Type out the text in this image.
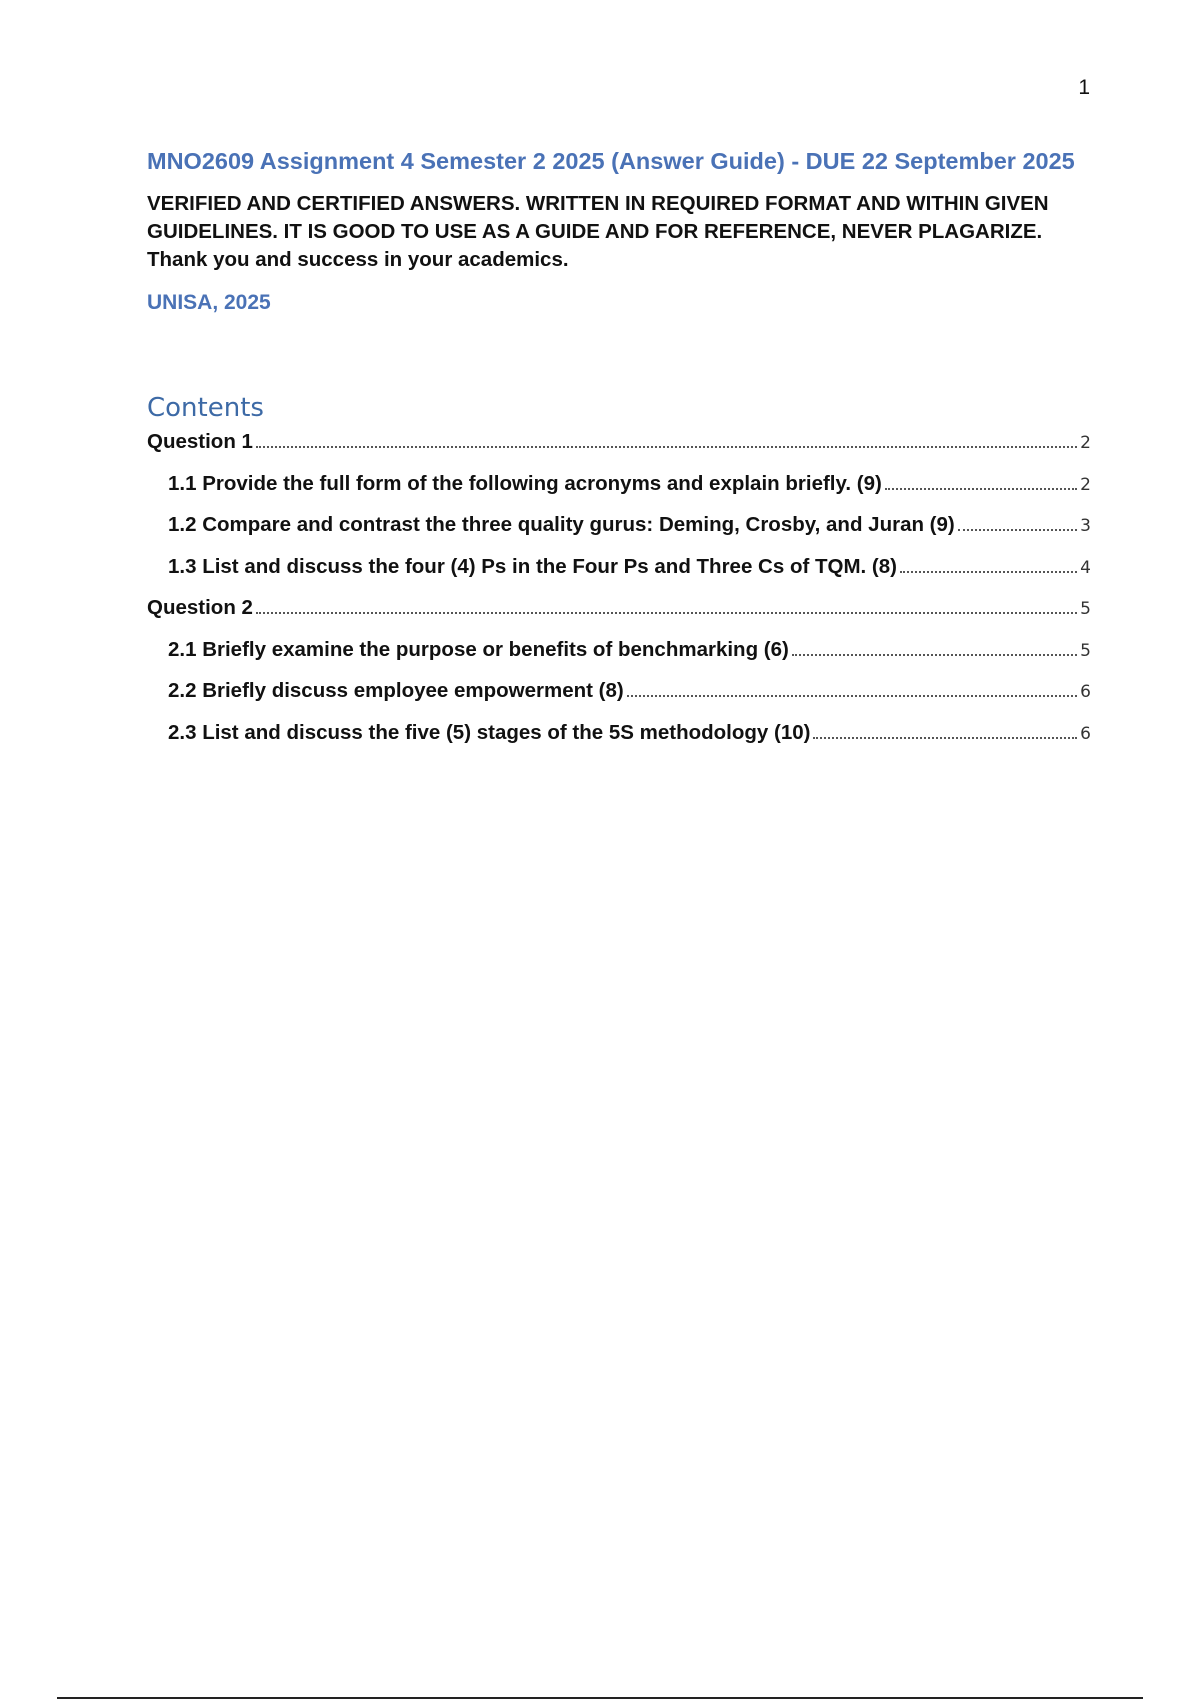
1
MNO2609 Assignment 4 Semester 2 2025 (Answer Guide) - DUE 22 September 2025

VERIFIED AND CERTIFIED ANSWERS. WRITTEN IN REQUIRED FORMAT AND WITHIN GIVEN GUIDELINES. IT IS GOOD TO USE AS A GUIDE AND FOR REFERENCE, NEVER PLAGARIZE. Thank you and success in your academics.

UNISA, 2025

Contents
Question 1	2
1.1 Provide the full form of the following acronyms and explain briefly. (9)	2
1.2 Compare and contrast the three quality gurus: Deming, Crosby, and Juran (9)	3
1.3 List and discuss the four (4) Ps in the Four Ps and Three Cs of TQM. (8)	4
Question 2	5
2.1 Briefly examine the purpose or benefits of benchmarking (6)	5
2.2 Briefly discuss employee empowerment (8)	6
2.3 List and discuss the five (5) stages of the 5S methodology (10)	6
